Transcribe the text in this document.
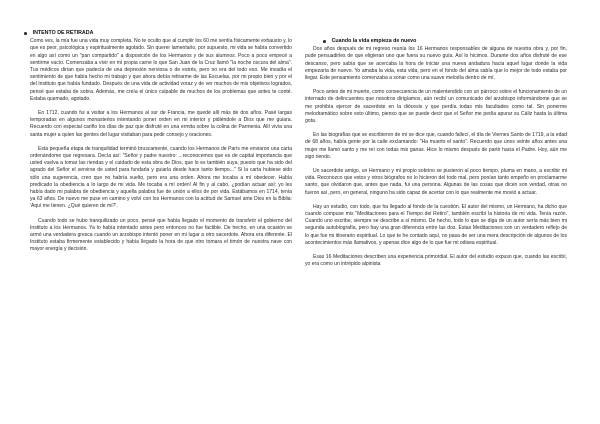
INTENTO DE RETIRADA

Como ves, la mía fue una vida muy completa. No te oculto que al cumplir los 60 me sentía físicamente exhausto y, lo que es peor, psicológica y espiritualmente agotado. Sin querer lamentarlo, por supuesto, mi vida se había convertido en algo así como un "pan compartido" a disposición de los Hermanos y de sus alumnos. Poco a poco empecé a sentirme vacío. Comenzaba a vivir en mi propia carne lo que San Juan de la Cruz llamó "la noche oscura del alma". Tus médicos dirían que padecía de una depresión nerviosa o de estrés, pero no era del todo eso. Me invadía el sentimiento de que había hecho mi trabajo y que ahora debía retirarme de las Escuelas, por mi propio bien y por el del Instituto que había fundado. Después de una vida de actividad voraz y de ver muchos de mis objetivos logrados, pensé que estaba de sobra. Además, me creía el único culpable de muchos de los problemas que antes te conté. Estaba quemado, agotado.

En 1712, cuando fui a visitar a los Hermanos al sur de Francia, me quedé allí más de dos años. Pasé largas temporadas en algunos monasterios intentando poner orden en mi interior y pidiéndole a Dios que me guiara. Recuerdo con especial cariño los días de paz que disfruté en una ermita sobre la colina de Parmenia. Allí vivía una santa mujer a quien las gentes del lugar visitaban para pedir consejo y oraciones.

Esta pequeña etapa de tranquilidad terminó bruscamente, cuando los Hermanos de París me enviaron una carta ordenándome que regresara. Decía así: "Señor y padre nuestro: ...reconocemos que es de capital importancia que usted vuelva a tomar las riendas y el cuidado de esta obra de Dios, que lo es también suya, puesto que ha sido del agrado del Señor el servirse de usted para fundarla y guiarla desde hace tanto tiempo..." Si la carta hubiese sido sólo una sugerencia, creo que no habría vuelto, pero era una orden. Ahora me tocaba a mí obedecer. Había predicado la obediencia a lo largo de mi vida. Me tocaba a mí orden! Al fin y al cabo, ¿podían actuar así; yo les había dado mi palabra de obediencia y aquella palabra fue de unión a ellos de por vida. Estábamos en 1714, tenía ya 63 años. De nuevo me puse en camino y volví con los Hermanos con la actitud de Samuel ante Dios en la Biblia: 'Aquí me tienen. ¿Qué quieren de mí?'.

Cuando todo se hubo tranquilizado un poco, pensé que había llegado el momento de transferir el gobierno del Instituto a los Hermanos. Ya lo había intentado antes pero entonces no fue factible. De hecho, en una ocasión se armó una verdadera gresca cuando un arzobispo intentó poner en mi lugar a otro sacerdote. Ahora era diferente. El Instituto estaba firmemente establecido y había llegado la hora de que otro tomara el timón de nuestra nave con mayor energía y decisión.

Cuando la vida empieza de nuevo

Dos años después de mi regreso reunía los 16 Hermanos responsables de alguna de nuestra obra y, por fin, pude persuadirles de que eligieran uno que fuera su nuevo guía. Así lo hicimos. Durante dos años disfruté de ese descanso, pero sabía que se acercaba la hora de iniciar una nueva andadura hacia aquel lugar donde la vida empezaría de nuevo. Yo amaba la vida, esta vida, pero en el fondo del alma sabía que lo mejor de todo estaba por llegar. Este pensamiento comenzaba a sonar como una suave melodía dentro de mí.

Poco antes de mi muerte, como consecuencia de un malentendido con un párroco sobre el funcionamiento de un internado de delincuentes que nosotros dirigíamos, aún recibí un comunicado del arzobispo informándome que se me prohibía ejercer de sacerdote en la diócesis y que perdía todas mis facultades como tal. Sin ponerme melodramático sobre esto último, pienso que se puede decir que el Señor me pedía apurar su Cáliz hasta la última gota.

En las biografías que se escribieron de mí se dice que, cuando fallecí, el día de Viernes Santo de 1719, a la edad de 68 años, había gente por la calle exclamando: "Ha muerto el santo". Recuerdo que unos veinte años antes una mujer me llamó santo y me reí con todas mis ganas. Hice lo mismo después de partir hacia el Padre. Hoy, aún me sigo riendo.

Un sacerdote amigo, un Hermano y mi propio sobrino se pusieron al poco tiempo, pluma en mano, a escribir mi vida. Reconozco que estos y otros biógrafos no lo hicieron del todo mal, pero ponían tanto empeño en proclamarme santo, que olvidaron que, antes que nada, fui una persona. Algunas de las cosas que dicen son verdad, otras no fueron así, pero, en general, ninguno ha sido capaz de acertar con lo que realmente me movió a actuar.

Hay un estudio, con todo, que ha llegado al fondo de la cuestión. El autor del mismo, un Hermano, ha dicho que cuando compuse mis "Meditaciones para el Tiempo del Retiro", también escribí la historia de mi vida. Tenía razón. Cuando uno escribe, siempre se describe a sí mismo. De hecho, todo lo que se diga de un autor sería más bien mi segunda autobiografía, pero hay una gran diferencia entre las dos. Estas Meditaciones son un verdadero reflejo de lo que fue mi itinerario espiritual. Lo que te he contado aquí, no pasa de ser una mera descripción de algunos de los acontecimientos más llamativos, y apenas dice algo de lo que fue mi odisea espiritual.

Esas 16 Meditaciones describen una experiencia primordial. El autor del estudio expuso que, cuando las escribí, yo era como un intrépido alpinista
